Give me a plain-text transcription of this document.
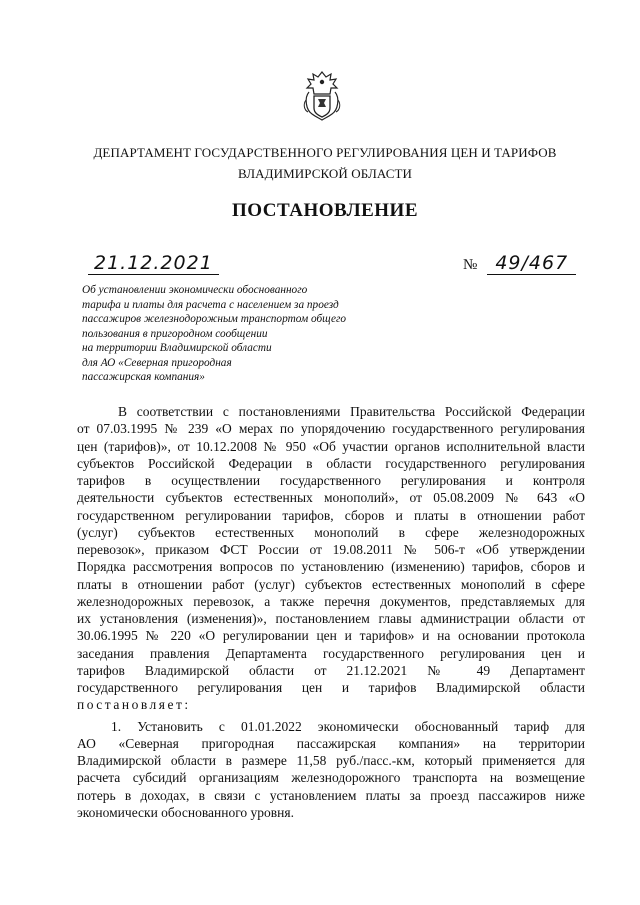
ДЕПАРТАМЕНТ ГОСУДАРСТВЕННОГО РЕГУЛИРОВАНИЯ ЦЕН И ТАРИФОВ
ВЛАДИМИРСКОЙ ОБЛАСТИ
ПОСТАНОВЛЕНИЕ
21.12.2021	№ 49/467
Об установлении экономически обоснованного
тарифа и платы для расчета с населением за проезд
пассажиров железнодорожным транспортом общего
пользования в пригородном сообщении
на территории Владимирской области
для АО «Северная пригородная
пассажирская компания»
В соответствии с постановлениями Правительства Российской Федерации
от 07.03.1995 № 239 «О мерах по упорядочению государственного регулирования
цен (тарифов)», от 10.12.2008 № 950 «Об участии органов исполнительной власти
субъектов Российской Федерации в области государственного регулирования
тарифов в осуществлении государственного регулирования и контроля
деятельности субъектов естественных монополий», от 05.08.2009 № 643 «О
государственном регулировании тарифов, сборов и платы в отношении работ
(услуг) субъектов естественных монополий в сфере железнодорожных
перевозок», приказом ФСТ России от 19.08.2011 № 506-т «Об утверждении
Порядка рассмотрения вопросов по установлению (изменению) тарифов, сборов и
платы в отношении работ (услуг) субъектов естественных монополий в сфере
железнодорожных перевозок, а также перечня документов, представляемых для
их установления (изменения)», постановлением главы администрации области от
30.06.1995 № 220 «О регулировании цен и тарифов» и на основании протокола
заседания правления Департамента государственного регулирования цен и
тарифов Владимирской области от 21.12.2021 № 49 Департамент
государственного регулирования цен и тарифов Владимирской области
постановляет:
1. Установить с 01.01.2022 экономически обоснованный тариф для
АО «Северная пригородная пассажирская компания» на территории
Владимирской области в размере 11,58 руб./пасс.-км, который применяется для
расчета субсидий организациям железнодорожного транспорта на возмещение
потерь в доходах, в связи с установлением платы за проезд пассажиров ниже
экономически обоснованного уровня.
